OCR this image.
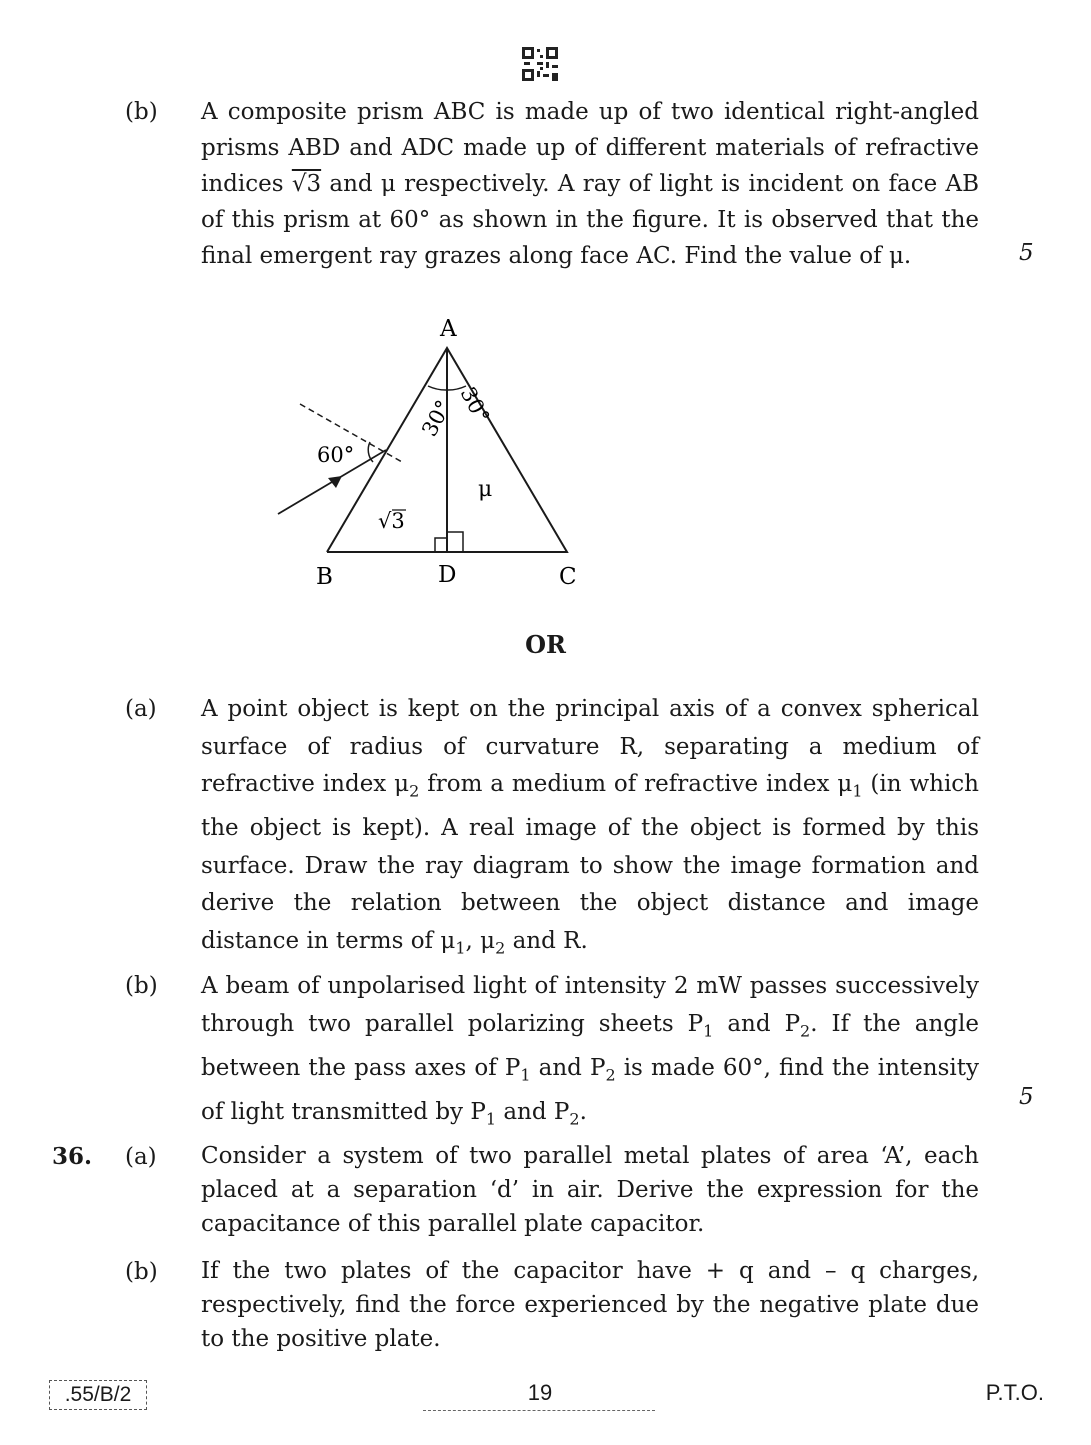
(b) A composite prism ABC is made up of two identical right-angled prisms ABD and ADC made up of different materials of refractive indices √3 and μ respectively. A ray of light is incident on face AB of this prism at 60° as shown in the figure. It is observed that the final emergent ray grazes along face AC. Find the value of μ.	5
A
B	D	C
30° 30°
60°
√3
μ
OR
(a) A point object is kept on the principal axis of a convex spherical surface of radius of curvature R, separating a medium of refractive index $\mu_2$ from a medium of refractive index $\mu_1$ (in which the object is kept). A real image of the object is formed by this surface. Draw the ray diagram to show the image formation and derive the relation between the object distance and image distance in terms of $\mu_1$, $\mu_2$ and R.
(b) A beam of unpolarised light of intensity 2 mW passes successively through two parallel polarizing sheets $P_1$ and $P_2$. If the angle between the pass axes of $P_1$ and $P_2$ is made 60°, find the intensity of light transmitted by $P_1$ and $P_2$.
5
.55/B/2	19	P.T.O.
36. (a) Consider a system of two parallel metal plates of area ‘A’, each placed at a separation ‘d’ in air. Derive the expression for the capacitance of this parallel plate capacitor.
(b) If the two plates of the capacitor have + q and – q charges, respectively, find the force experienced by the negative plate due to the positive plate.
